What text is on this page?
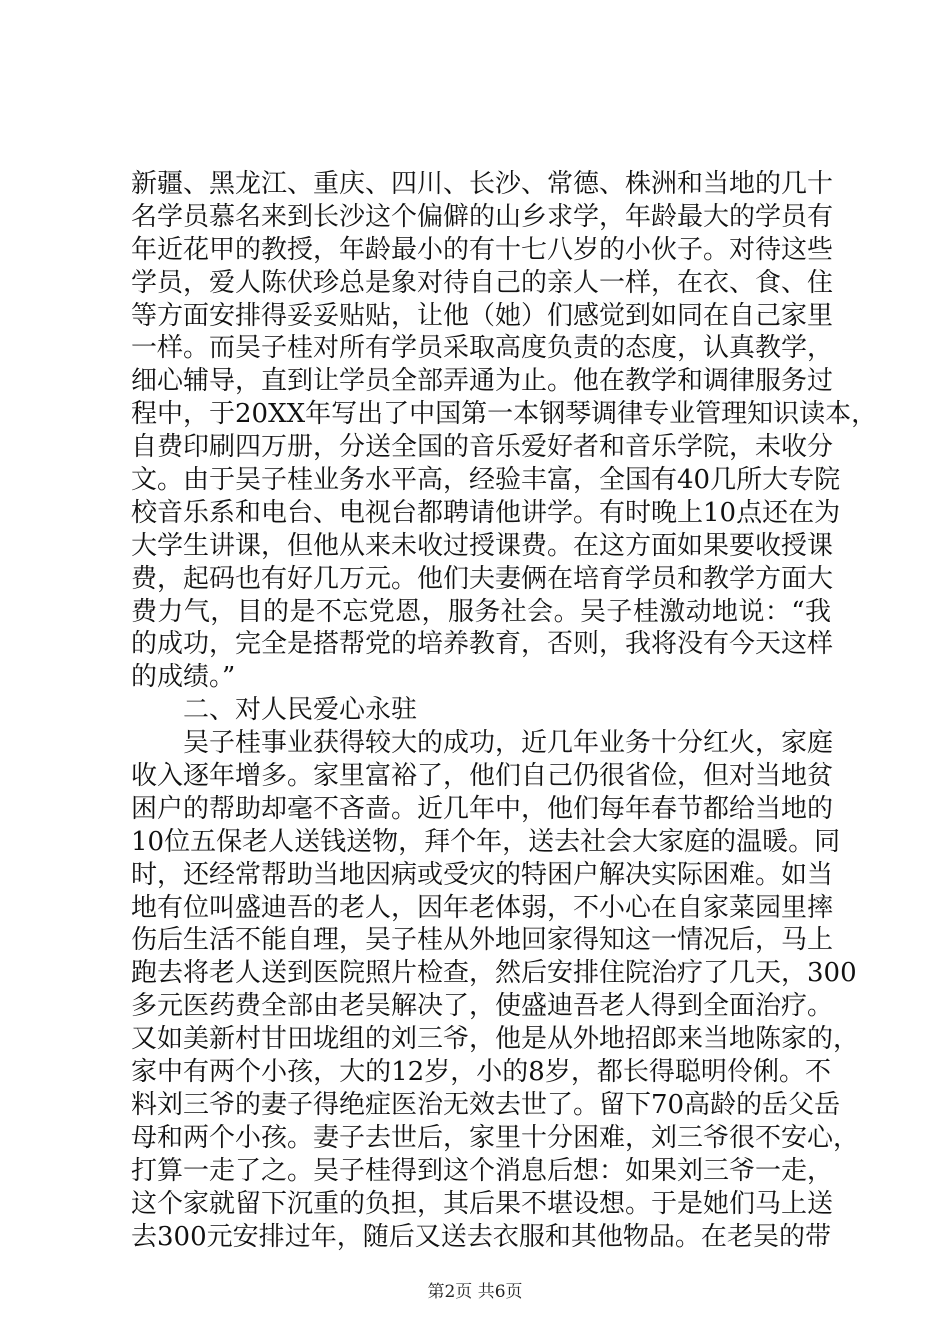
新疆、黑龙江、重庆、四川、长沙、常德、株洲和当地的几十
名学员慕名来到长沙这个偏僻的山乡求学，年龄最大的学员有
年近花甲的教授，年龄最小的有十七八岁的小伙子。对待这些
学员，爱人陈伏珍总是象对待自己的亲人一样，在衣、食、住
等方面安排得妥妥贴贴，让他（她）们感觉到如同在自己家里
一样。而吴子桂对所有学员采取高度负责的态度，认真教学，
细心辅导，直到让学员全部弄通为止。他在教学和调律服务过
程中，于20XX年写出了中国第一本钢琴调律专业管理知识读本，
自费印刷四万册，分送全国的音乐爱好者和音乐学院，未收分
文。由于吴子桂业务水平高，经验丰富，全国有40几所大专院
校音乐系和电台、电视台都聘请他讲学。有时晚上10点还在为
大学生讲课，但他从来未收过授课费。在这方面如果要收授课
费，起码也有好几万元。他们夫妻俩在培育学员和教学方面大
费力气，目的是不忘党恩，服务社会。吴子桂激动地说：“我
的成功，完全是搭帮党的培养教育，否则，我将没有今天这样
的成绩。”
二、对人民爱心永驻
吴子桂事业获得较大的成功，近几年业务十分红火，家庭
收入逐年增多。家里富裕了，他们自己仍很省俭，但对当地贫
困户的帮助却毫不吝啬。近几年中，他们每年春节都给当地的
10位五保老人送钱送物，拜个年，送去社会大家庭的温暖。同
时，还经常帮助当地因病或受灾的特困户解决实际困难。如当
地有位叫盛迪吾的老人，因年老体弱，不小心在自家菜园里摔
伤后生活不能自理，吴子桂从外地回家得知这一情况后，马上
跑去将老人送到医院照片检查，然后安排住院治疗了几天，300
多元医药费全部由老吴解决了，使盛迪吾老人得到全面治疗。
又如美新村甘田垅组的刘三爷，他是从外地招郎来当地陈家的，
家中有两个小孩，大的12岁，小的8岁，都长得聪明伶俐。不
料刘三爷的妻子得绝症医治无效去世了。留下70高龄的岳父岳
母和两个小孩。妻子去世后，家里十分困难，刘三爷很不安心，
打算一走了之。吴子桂得到这个消息后想：如果刘三爷一走，
这个家就留下沉重的负担，其后果不堪设想。于是她们马上送
去300元安排过年，随后又送去衣服和其他物品。在老吴的带
第2页 共6页
